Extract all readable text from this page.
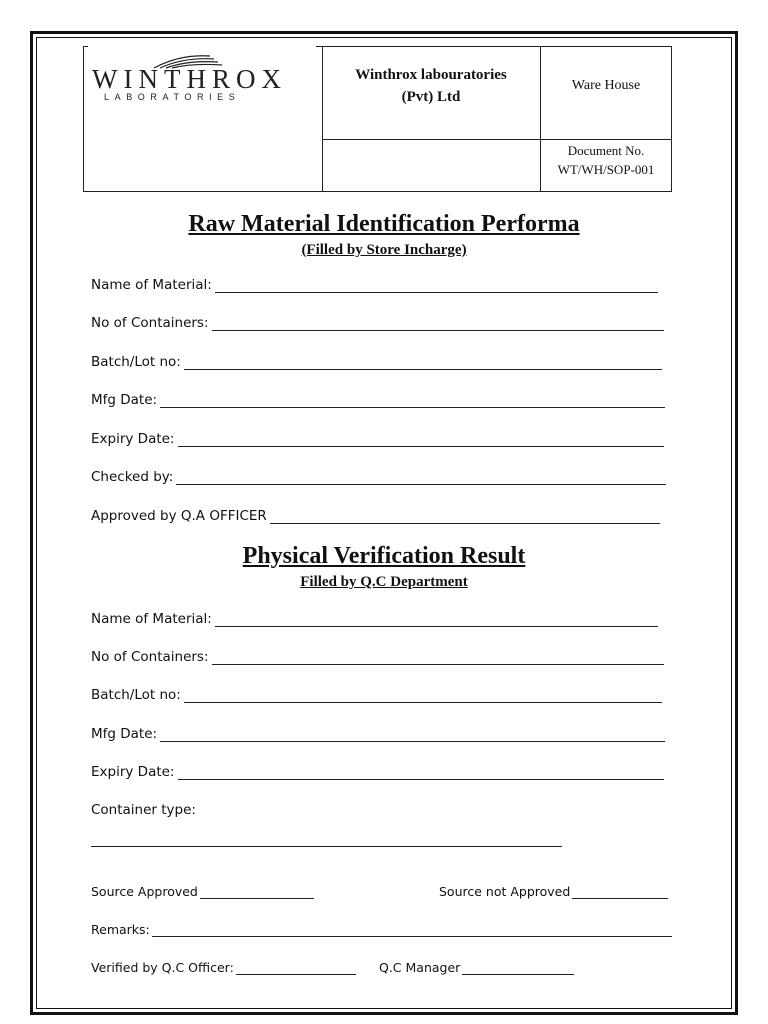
WINTHROX
LABORATORIES
Winthrox labouratories
(Pvt) Ltd
Ware House
Document No.
WT/WH/SOP-001
Raw Material Identification Performa
(Filled by Store Incharge)
Name of Material:
No of Containers:
Batch/Lot no:
Mfg Date:
Expiry Date:
Checked by:
Approved by Q.A OFFICER
Physical Verification Result
Filled by Q.C Department
Name of Material:
No of Containers:
Batch/Lot no:
Mfg Date:
Expiry Date:
Container type:
Source Approved	Source not Approved
Remarks:
Verified by Q.C Officer:	Q.C Manager
